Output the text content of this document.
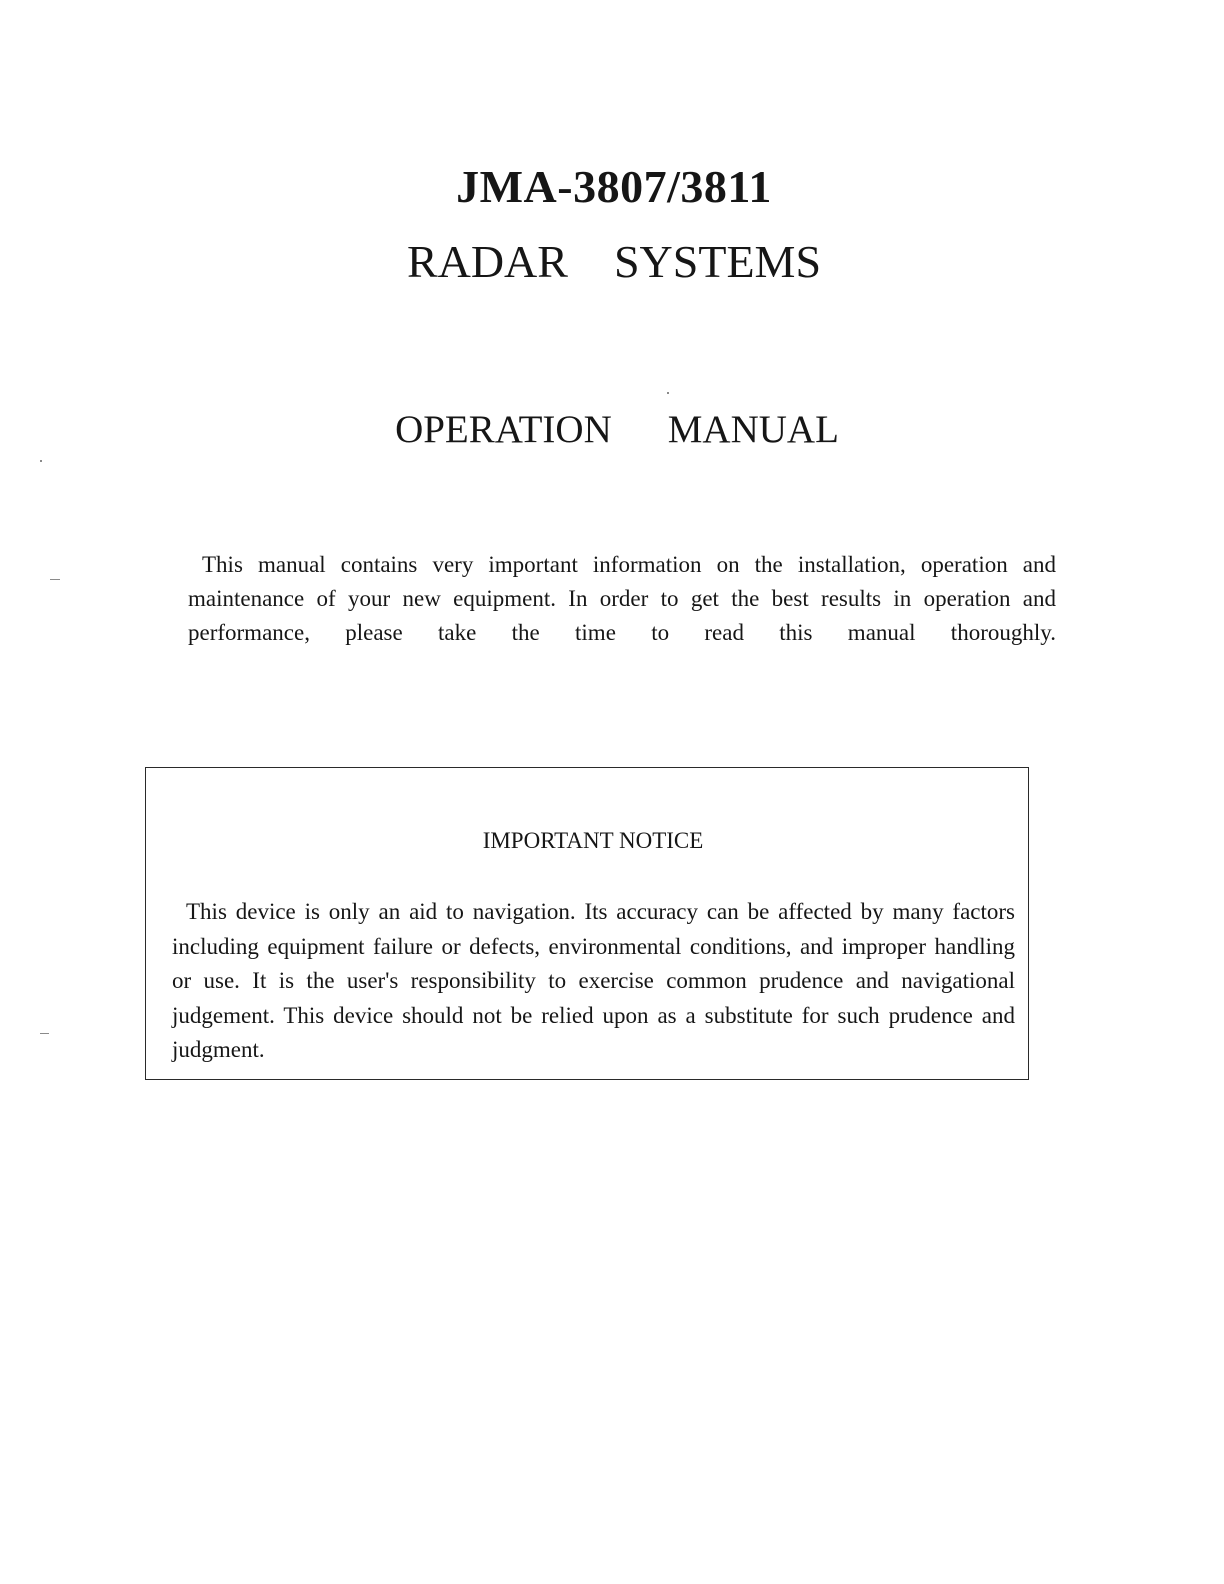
JMA-3807/3811
RADAR SYSTEMS
OPERATION MANUAL

This manual contains very important information on the installation, operation and maintenance of your new equipment. In order to get the best results in operation and performance, please take the time to read this manual thoroughly.

IMPORTANT NOTICE

This device is only an aid to navigation. Its accuracy can be affected by many factors including equipment failure or defects, environmental conditions, and improper handling or use. It is the user's responsibility to exercise common prudence and navigational judgement. This device should not be relied upon as a substitute for such prudence and judgment.
